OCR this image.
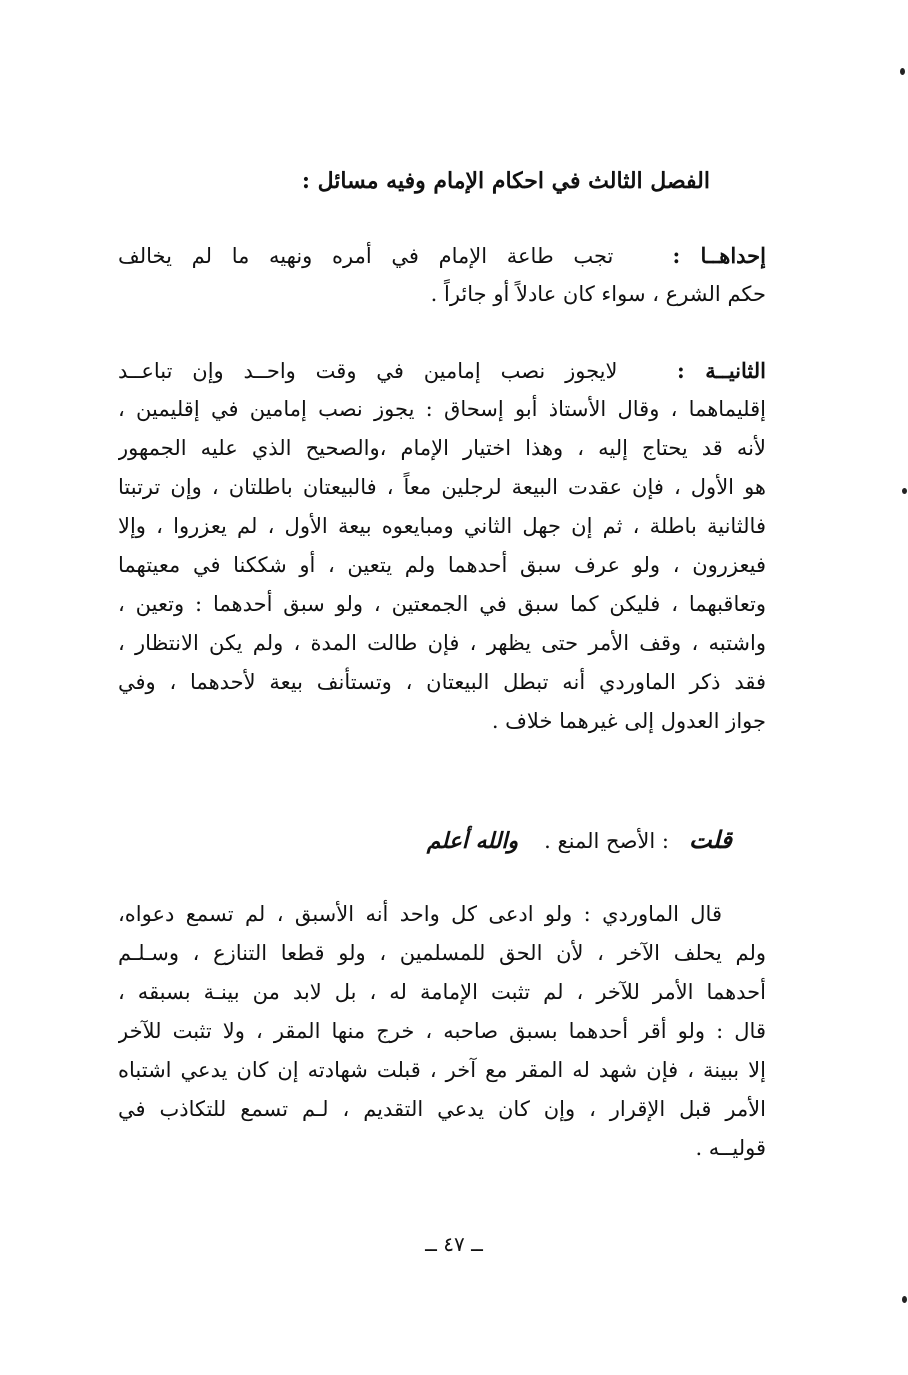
الفصل الثالث في احكام الإمام وفيه مسائل :
إحداهــا :   تجب طاعة الإمام في أمره ونهيه ما لم يخالف
حكم الشرع ، سواء كان عادلاً أو جائراً .
الثانيــة :   لايجوز نصب إمامين في وقت واحــد وإن تباعــد
إقليماهما ، وقال الأستاذ أبو إسحاق : يجوز نصب إمامين في إقليمين ،
لأنه قد يحتاج إليه ، وهذا اختيار الإمام ،والصحيح الذي عليه الجمهور
هو الأول ، فإن عقدت البيعة لرجلين معاً ، فالبيعتان باطلتان ، وإن ترتبتا
فالثانية باطلة ، ثم إن جهل الثاني ومبايعوه بيعة الأول ، لم يعزروا ، وإلا
فيعزرون ، ولو عرف سبق أحدهما ولم يتعين ، أو شككنا في معيتهما
وتعاقبهما ، فليكن كما سبق في الجمعتين ، ولو سبق أحدهما : وتعين ،
واشتبه ، وقف الأمر حتى يظهر ، فإن طالت المدة ، ولم يكن الانتظار ،
فقد ذكر الماوردي أنه تبطل البيعتان ، وتستأنف بيعة لأحدهما ، وفي
جواز العدول إلى غيرهما خلاف .
قلت   : الأصح المنع .والله أعلم
قال الماوردي : ولو ادعى كل واحد أنه الأسبق ، لم تسمع دعواه،
ولم يحلف الآخر ، لأن الحق للمسلمين ، ولو قطعا التنازع ، وسـلـم
أحدهما الأمر للآخر ، لم تثبت الإمامة له ، بل لابد من بينـة بسبقه ،
قال : ولو أقر أحدهما بسبق صاحبه ، خرج منها المقر ، ولا تثبت للآخر
إلا ببينة ، فإن شهد له المقر مع آخر ، قبلت شهادته إن كان يدعي اشتباه
الأمر قبل الإقرار ، وإن كان يدعي التقديم ، لـم تسمع للتكاذب في
قوليــه .
ــ ٤٧ ــ
